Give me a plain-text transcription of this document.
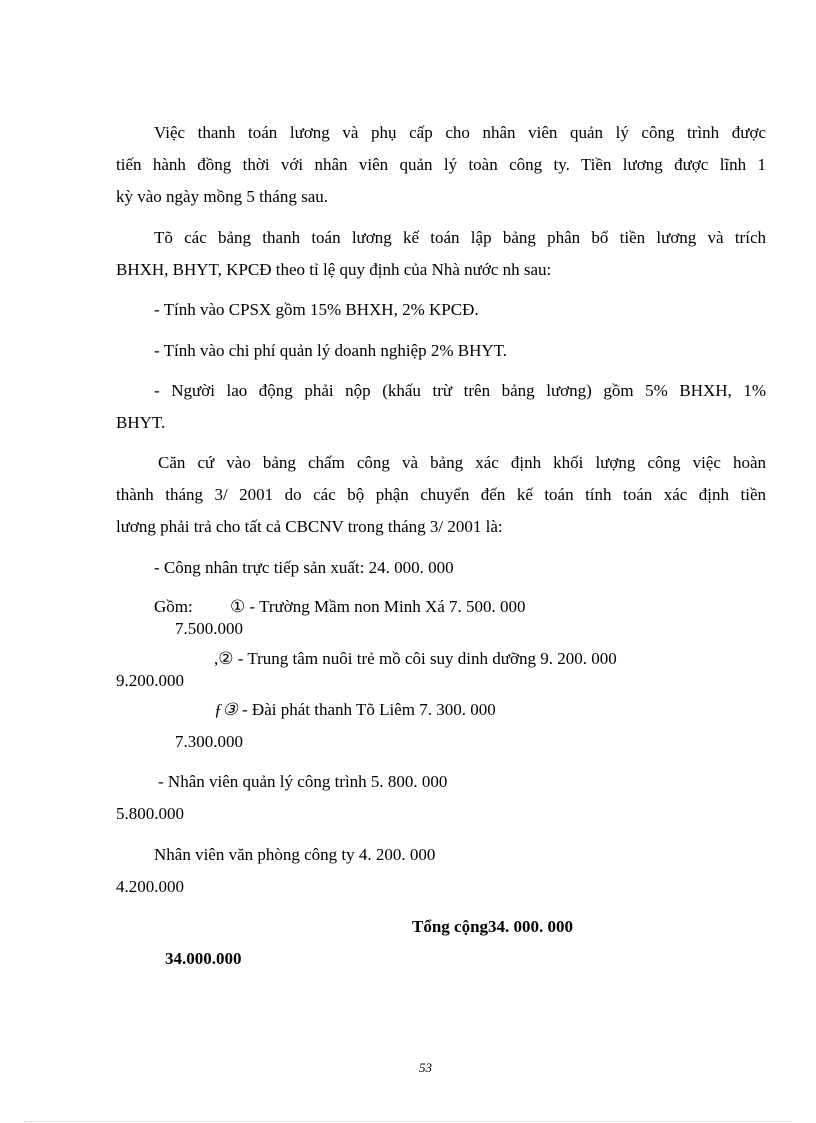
Việc thanh toán lương và phụ cấp cho nhân viên quản lý công trình được
tiến hành đồng thời với nhân viên quản lý toàn công ty. Tiền lương được lĩnh 1
kỳ vào ngày mồng 5 tháng sau.
Tõ các bảng thanh toán lương kế toán lập bảng phân bổ tiền lương và trích
BHXH, BHYT, KPCĐ theo tỉ lệ quy định của Nhà nước nh sau:
- Tính vào CPSX gồm 15% BHXH, 2% KPCĐ.
- Tính vào chi phí quản lý doanh nghiệp 2% BHYT.
- Người lao động phải nộp (khấu trừ trên bảng lương) gồm 5% BHXH, 1%
BHYT.
Căn cứ vào bảng chấm công và bảng xác định khối lượng công việc hoàn
thành tháng 3/ 2001 do các bộ phận chuyển đến kế toán tính toán xác định tiền
lương phải trả cho tất cả CBCNV trong tháng 3/ 2001 là:
- Công nhân trực tiếp sản xuất: 24. 000. 000
Gồm: ① - Trường Mầm non Minh Xá 7. 500. 000
7.500.000
,② - Trung tâm nuôi trẻ mồ côi suy dinh dưỡng 9. 200. 000
9.200.000
ƒ③ - Đài phát thanh Tõ Liêm 7. 300. 000
7.300.000
- Nhân viên quản lý công trình 5. 800. 000
5.800.000
Nhân viên văn phòng công ty 4. 200. 000
4.200.000
Tổng cộng34. 000. 000
34.000.000
53
